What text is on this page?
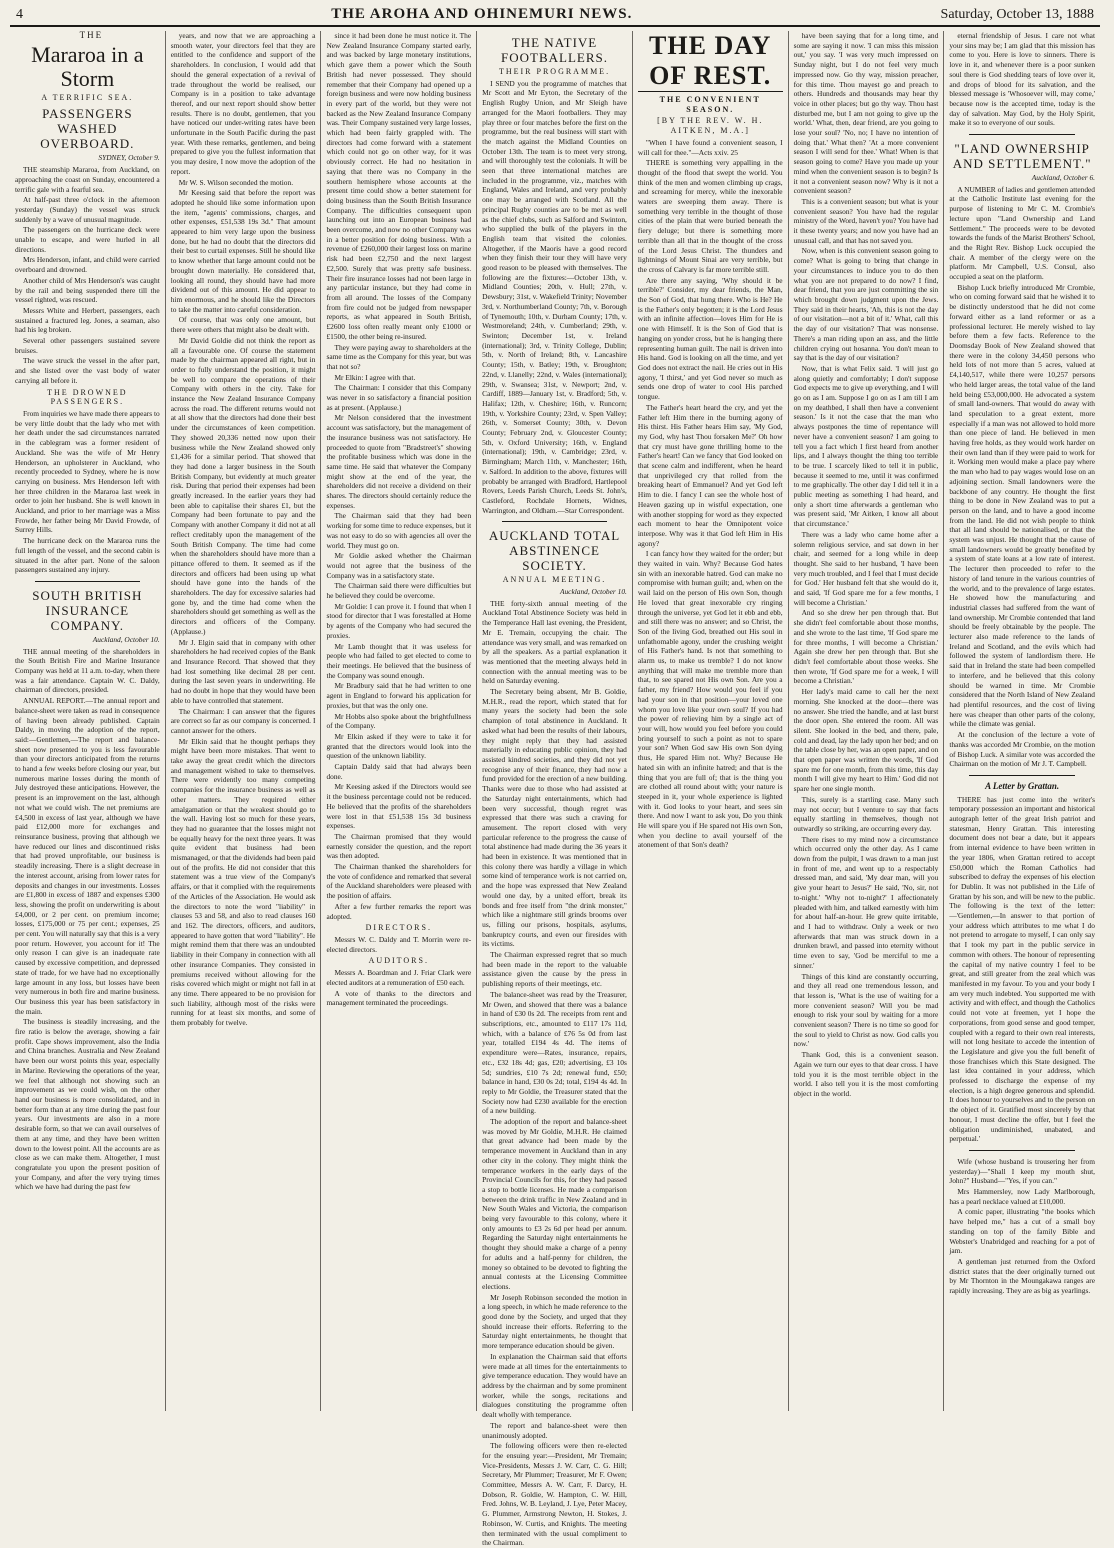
4	THE AROHA AND OHINEMURI NEWS.	Saturday, October 13, 1888

THE

Mararoa in a Storm
A TERRIFIC SEA.
PASSENGERS WASHED OVERBOARD.
SYDNEY, October 9.

THE steamship Mararoa, from Auckland, on approaching the coast on Sunday, encountered a terrific gale with a fearful sea.

At half-past three o'clock in the afternoon yesterday (Sunday) the vessel was struck suddenly by a wave of unusual magnitude.

The passengers on the hurricane deck were unable to escape, and were hurled in all directions.

Mrs Henderson, infant, and child were carried overboard and drowned.

Another child of Mrs Henderson's was caught by the rail and being suspended there till the vessel righted, was rescued.

Messrs White and Herbert, passengers, each sustained a fractured leg. Jones, a seaman, also had his leg broken.

Several other passengers sustained severe bruises.

The wave struck the vessel in the after part, and she listed over the vast body of water carrying all before it.

THE DROWNED PASSENGERS.

From inquiries we have made there appears to be very little doubt that the lady who met with her death under the sad circumstances narrated in the cablegram was a former resident of Auckland. She was the wife of Mr Henry Henderson, an upholsterer in Auckland, who recently proceeded to Sydney, where he is now carrying on business. Mrs Henderson left with her three children in the Mararoa last week in order to join her husband. She is well known in Auckland, and prior to her marriage was a Miss Frowde, her father being Mr David Frowde, of Surrey Hills.

The hurricane deck on the Mararoa runs the full length of the vessel, and the second cabin is situated in the after part. None of the saloon passengers sustained any injury.

SOUTH BRITISH INSURANCE COMPANY.
Auckland, October 10.

THE annual meeting of the shareholders in the South British Fire and Marine Insurance Company was held at 11 a.m. to-day, when there was a fair attendance. Captain W. C. Daldy, chairman of directors, presided.

ANNUAL REPORT.—The annual report and balance-sheet were taken as read in consequence of having been already published. Captain Daldy, in moving the adoption of the report, said:—Gentlemen,—The report and balance-sheet now presented to you is less favourable than your directors anticipated from the returns to hand a few weeks before closing our year, but numerous marine losses during the month of July destroyed these anticipations. However, the present is an improvement on the last, although not what we could wish. The net premiums are £4,500 in excess of last year, although we have paid £12,000 more for exchanges and reinsurance business, proving that although we have reduced our lines and discontinued risks that had proved unprofitable, our business is steadily increasing. There is a slight decrease in the interest account, arising from lower rates for deposits and changes in our investments. Losses are £1,800 in excess of 1887 and expenses £300 less, showing the profit on underwriting is about £4,000, or 2 per cent. on premium income; losses, £175,000 or 75 per cent.; expenses, 25 per cent. You will naturally say that this is a very poor return. However, you account for it! The only reason I can give is an inadequate rate caused by excessive competition, and depressed state of trade, for we have had no exceptionally large amount in any loss, but losses have been very numerous in both fire and marine business. Our business this year has been satisfactory in the main.

The business is steadily increasing, and the fire ratio is below the average, showing a fair profit. Cape shows improvement, also the India and China branches. Australia and New Zealand have been our worst points this year, especially in Marine. Reviewing the operations of the year, we feel that although not showing such an improvement as we could wish, on the other hand our business is more consolidated, and in better form than at any time during the past four years. Our investments are also in a more desirable form, so that we can avail ourselves of them at any time, and they have been written down to the lowest point. All the accounts are as close as we can make them. Altogether, I must congratulate you upon the present position of your Company, and after the very trying times which we have had during the past few

years, and now that we are approaching a smooth water, your directors feel that they are entitled to the confidence and support of the shareholders. In conclusion, I would add that should the general expectation of a revival of trade throughout the world be realised, our Company is in a position to take advantage thereof, and our next report should show better results. There is no doubt, gentlemen, that you have noticed our under-writing rates have been unfortunate in the South Pacific during the past year. With these remarks, gentlemen, and being prepared to give you the fullest information that you may desire, I now move the adoption of the report.

Mr W. S. Wilson seconded the motion.

Mr Keesing said that before the report was adopted he should like some information upon the item, "agents' commissions, charges, and other expenses, £51,538 19s 3d." That amount appeared to him very large upon the business done, but he had no doubt that the directors did their best to curtail expenses. Still he should like to know whether that large amount could not be brought down materially. He considered that, looking all round, they should have had more dividend out of this amount. He did appear to him enormous, and he should like the Directors to take the matter into careful consideration.

Of course, that was only one amount, but there were others that might also be dealt with.

Mr David Goldie did not think the report as all a favourable one. Of course the statement made by the chairman appeared all right, but in order to fully understand the position, it might be well to compare the operations of their Company with others in the city. Take for instance the New Zealand Insurance Company across the road. The different returns would not at all show that the directors had done their best under the circumstances of keen competition. They showed 20,336 netted now upon their business while the New Zealand showed only £1,436 for a similar period. That showed that they had done a larger business in the South British Company, but evidently at much greater risk. During that period their expenses had been greatly increased. In the earlier years they had been able to capitalise their shares £1, but the Company had been fortunate to pay and the Company with another Company it did not at all reflect creditably upon the management of the South British Company. The time had come when the shareholders should have more than a pittance offered to them. It seemed as if the directors and officers had been using up what should have gone into the hands of the shareholders. The day for excessive salaries had gone by, and the time had come when the shareholders should get something as well as the directors and officers of the Company. (Applause.)

Mr J. Elgin said that in company with other shareholders he had received copies of the Bank and Insurance Record. That showed that they had lost something like decimal 28 per cent. during the last seven years in underwriting. He had no doubt in hope that they would have been able to have controlled that statement.

The Chairman: I can answer that the figures are correct so far as our company is concerned. I cannot answer for the others.

Mr Elkin said that he thought perhaps they might have been more mistakes. That went to take away the great credit which the directors and management wished to take to themselves. There were evidently too many competing companies for the insurance business as well as other matters. They required either amalgamation or that the weakest should go to the wall. Having lost so much for these years, they had no guarantee that the losses might not be equally heavy for the next three years. It was quite evident that business had been mismanaged, or that the dividends had been paid out of the profits. He did not consider that this statement was a true view of the Company's affairs, or that it complied with the requirements of the Articles of the Association. He would ask the directors to note the word "liability" in clauses 53 and 58, and also to read clauses 160 and 162. The directors, officers, and auditors, appeared to have gotten that word "liability". He might remind them that there was an undoubted liability in their Company in connection with all other insurance Companies. They consisted in premiums received without allowing for the risks covered which might or might not fall in at any time. There appeared to be no provision for such liability, although most of the risks were running for at least six months, and some of them probably for twelve.

since it had been done he must notice it. The New Zealand Insurance Company started early, and was backed by large monetary institutions, which gave them a power which the South British had never possessed. They should remember that their Company had opened up a foreign business and were now holding business in every part of the world, but they were not backed as the New Zealand Insurance Company was. Their Company sustained very large losses, which had been fairly grappled with. The directors had come forward with a statement which could not go on other way, for it was obviously correct. He had no hesitation in saying that there was no Company in the southern hemisphere whose accounts at the present time could show a better statement for doing business than the South British Insurance Company. The difficulties consequent upon launching out into an European business had been overcome, and now no other Company was in a better position for doing business. With a revenue of £260,000 their largest loss on marine risk had been £2,750 and the next largest £2,500. Surely that was pretty safe business. Their fire insurance losses had not been large in any particular instance, but they had come in from all around. The losses of the Company from fire could not be judged from newspaper reports, as what appeared in South British, £2600 loss often really meant only £1000 or £1500, the other being re-insured.

They were paying away to shareholders at the same time as the Company for this year, but was that not so?

Mr Elkin: I agree with that.

The Chairman: I consider that this Company was never in so satisfactory a financial position as at present. (Applause.)

Mr Nelson considered that the investment account was satisfactory, but the management of the insurance business was not satisfactory. He proceeded to quote from "Bradstreet's" showing the profitable business which was done in the same time. He said that whatever the Company might show at the end of the year, the shareholders did not receive a dividend on their shares. The directors should certainly reduce the expenses.

The Chairman said that they had been working for some time to reduce expenses, but it was not easy to do so with agencies all over the world. They must go on.

Mr Goldie asked whether the Chairman would not agree that the business of the Company was in a satisfactory state.

The Chairman said there were difficulties but he believed they could be overcome.

Mr Goldie: I can prove it. I found that when I stood for director that I was forestalled at Home by agents of the Company who had secured the proxies.

Mr Lamb thought that it was useless for people who had failed to get elected to come to their meetings. He believed that the business of the Company was sound enough.

Mr Bradbury said that he had written to one agent in England to forward his application for proxies, but that was the only one.

Mr Hobbs also spoke about the brightfullness of the Company.

Mr Elkin asked if they were to take it for granted that the directors would look into the question of the unknown liability.

Captain Daldy said that had always been done.

Mr Keesing asked if the Directors would see it the business percentage could not be reduced. He believed that the profits of the shareholders were lost in that £51,538 15s 3d business expenses.

The Chairman promised that they would earnestly consider the question, and the report was then adopted.

The Chairman thanked the shareholders for the vote of confidence and remarked that several of the Auckland shareholders were pleased with the position of affairs.

After a few further remarks the report was adopted.

DIRECTORS.

Messrs W. C. Daldy and T. Morrin were re-elected directors.

AUDITORS.

Messrs A. Boardman and J. Friar Clark were elected auditors at a remuneration of £50 each.

A vote of thanks to the directors and management terminated the proceedings.

THE NATIVE FOOTBALLERS.
THEIR PROGRAMME.

I SEND you the programme of matches that Mr Scott and Mr Eyton, the Secretary of the English Rugby Union, and Mr Sleigh have arranged for the Maori footballers. They may play three or four matches before the first on the programme, but the real business will start with the match against the Midland Counties on October 13th. The team is to meet very strong, and will thoroughly test the colonials. It will be seen that three international matches are included in the programme, viz., matches with England, Wales and Ireland, and very probably one may be arranged with Scotland. All the principal Rugby counties are to be met as well as the chief clubs, such as Salford and Swinton, who supplied the bulk of the players in the English team that visited the colonies. Altogether, if the Maoris have a good record when they finish their tour they will have very good reason to be pleased with themselves. The following are the fixtures:—October 13th, v. Midland Counties; 20th, v. Hull; 27th, v. Dewsbury; 31st, v. Wakefield Trinity; November 3rd, v. Northumberland County; 7th, v. Borough of Tynemouth; 10th, v. Durham County; 17th, v. Westmoreland; 24th, v. Cumberland; 29th, v. Swinton; December 1st, v. Ireland (international); 3rd, v. Trinity College, Dublin; 5th, v. North of Ireland; 8th, v. Lancashire County; 15th, v. Batley; 19th, v. Broughton; 22nd, v. Llanelly; 22nd, v. Wales (international); 29th, v. Swansea; 31st, v. Newport; 2nd, v. Cardiff, 1889—January 1st, v. Bradford; 5th, v. Halifax; 12th, v. Cheshire; 16th, v. Runcorn; 19th, v. Yorkshire County; 23rd, v. Spen Valley; 26th, v. Somerset County; 30th, v. Devon County; February 2nd, v. Gloucester County; 5th, v. Oxford University; 16th, v. England (international); 19th, v. Cambridge; 23rd, v. Birmingham; March 11th, v. Manchester; 16th, v. Salford. In addition to the above, fixtures will probably be arranged with Bradford, Hartlepool Rovers, Leeds Parish Church, Leeds St. John's, Castleford, Rochdale Hornets, Widnes, Warrington, and Oldham.—Star Correspondent.

AUCKLAND TOTAL ABSTINENCE SOCIETY.
ANNUAL MEETING.
Auckland, October 10.

THE forty-sixth annual meeting of the Auckland Total Abstinence Society was held in the Temperance Hall last evening, the President, Mr E. Tremain, occupying the chair. The attendance was very small, and was remarked on by all the speakers. As a partial explanation it was mentioned that the meeting always held in connection with the annual meeting was to be held on Saturday evening.

The Secretary being absent, Mr B. Goldie, M.H.R., read the report, which stated that for many years the society had been the sole champion of total abstinence in Auckland. It asked what had been the results of their labours, they might reply that they had assisted materially in educating public opinion, they had assisted kindred societies, and they did not yet recognise any of their finance, they had now a fund provided for the erection of a new building. Thanks were due to those who had assisted at the Saturday night entertainments, which had been very successful, though regret was expressed that there was such a craving for amusement. The report closed with very particular reference to the progress the cause of total abstinence had made during the 36 years it had been in existence. It was mentioned that in this colony there was hardly a village in which some kind of temperance work is not carried on, and the hope was expressed that New Zealand would one day, by a united effort, break its bonds and free itself from "the drink monster," which like a nightmare still grinds brooms over us, filling our prisons, hospitals, asylums, bankruptcy courts, and even our firesides with its victims.

The Chairman expressed regret that so much had been made in the report to the valuable assistance given the cause by the press in publishing reports of their meetings, etc.

The balance-sheet was read by the Treasurer, Mr Owen, and showed that there was a balance in hand of £30 0s 2d. The receipts from rent and subscriptions, etc., amounted to £117 17s 11d, which, with a balance of £76 5s 0d from last year, totalled £194 4s 4d. The items of expenditure were—Rates, insurance, repairs, etc., £32 18s 4d; gas, £20; advertising, £3 10s 5d; sundries, £10 7s 2d; renewal fund, £50; balance in hand, £30 0s 2d; total, £194 4s 4d. In reply to Mr Goldie, the Treasurer stated that the Society now had £230 available for the erection of a new building.

The adoption of the report and balance-sheet was moved by Mr Goldie, M.H.R. He claimed that great advance had been made by the temperance movement in Auckland than in any other city in the colony. They might think the temperance workers in the early days of the Provincial Councils for this, for they had passed a stop to bottle licenses. He made a comparison between the drink traffic in New Zealand and in New South Wales and Victoria, the comparison being very favourable to this colony, where it only amounts to £3 2s 6d per head per annum. Regarding the Saturday night entertainments he thought they should make a charge of a penny for adults and a half-penny for children, the money so obtained to be devoted to fighting the annual contests at the Licensing Committee elections.

Mr Joseph Robinson seconded the motion in a long speech, in which he made reference to the good done by the Society, and urged that they should increase their efforts. Referring to the Saturday night entertainments, he thought that more temperance education should be given.

In explanation the Chairman said that efforts were made at all times for the entertainments to give temperance education. They would have an address by the chairman and by some prominent worker, while the songs, recitations and dialogues constituting the programme often dealt wholly with temperance.

The report and balance-sheet were then unanimously adopted.

The following officers were then re-elected for the ensuing year:—President, Mr Tremain; Vice-Presidents, Messrs J. W. Carr, C. G. Hill; Secretary, Mr Plummer; Treasurer, Mr F. Owen; Committee, Messrs A. W. Carr, F. Darcy, H. Dobson, R. Goldie, W. Hampton, C. W. Hill, Fred. Johns, W. B. Leyland, J. Lye, Peter Macey, G. Plummer, Armstrong Newton, H. Stokes, J. Robinson, W. Curtis, and Knights. The meeting then terminated with the usual compliment to the Chairman.

THE DAY OF REST.
THE CONVENIENT SEASON.
[BY THE REV. W. H. AITKEN, M.A.]

"When I have found a convenient season, I will call for thee."—Acts xxiv. 25

THERE is something very appalling in the thought of the flood that swept the world. You think of the men and women climbing up crags, and screaming for mercy, while the inexorable waters are sweeping them away. There is something very terrible in the thought of those cities of the plain that were buried beneath the fiery deluge; but there is something more terrible than all that in the thought of the cross of the Lord Jesus Christ. The thunders and lightnings of Mount Sinai are very terrible, but the cross of Calvary is far more terrible still.

Are there any saying, 'Why should it be terrible?' Consider, my dear friends, the Man, the Son of God, that hung there. Who is He? He is the Father's only begotten; it is the Lord Jesus with an infinite affection—loves Him for He is one with Himself. It is the Son of God that is hanging on yonder cross, but he is hanging there representing human guilt. The nail is driven into His hand. God is looking on all the time, and yet God does not extract the nail. He cries out in His agony, 'I thirst,' and yet God never so much as sends one drop of water to cool His parched tongue.

The Father's heart heard the cry, and yet the Father left Him there in the burning agony of His thirst. His Father hears Him say, 'My God, my God, why hast Thou forsaken Me?' Oh how that cry must have gone thrilling home to the Father's heart! Can we fancy that God looked on that scene calm and indifferent, when he heard that unprivileged cry that rolled from the breaking heart of Emmanuel? And yet God left Him to die. I fancy I can see the whole host of Heaven gazing up in wistful expectation, one with another stopping for word as they expected each moment to hear the Omnipotent voice interpose. Why was it that God left Him in His agony?

I can fancy how they waited for the order; but they waited in vain. Why? Because God hates sin with an inexorable hatred. God can make no compromise with human guilt; and, when on the wail laid on the person of His own Son, though He loved that great inexorable cry ringing through the universe, yet God let it ebb and ebb, and still there was no answer; and so Christ, the Son of the living God, breathed out His soul in unfathomable agony, under the crushing weight of His Father's hand. Is not that something to alarm us, to make us tremble? I do not know anything that will make me tremble more than that, to see spared not His own Son. Are you a father, my friend? How would you feel if you had your son in that position—your loved one whom you love like your own soul? If you had the power of relieving him by a single act of your will, how would you feel before you could bring yourself to such a point as not to spare your son? When God saw His own Son dying thus, He spared Him not. Why? Because He hated sin with an infinite hatred; and that is the thing that you are full of; that is the thing you are clothed all round about with; your nature is steeped in it, your whole experience is lighted with it. God looks to your heart, and sees sin there. And now I want to ask you, Do you think He will spare you if He spared not His own Son, when you decline to avail yourself of the atonement of that Son's death?

have been saying that for a long time, and some are saying it now. 'I can miss this mission out,' you say. 'I was very much impressed on Sunday night, but I do not feel very much impressed now. Go thy way, mission preacher, for this time. Thou mayest go and preach to others. Hundreds and thousands may hear thy voice in other places; but go thy way. Thou hast disturbed me, but I am not going to give up the world.' What, then, dear friend, are you going to lose your soul? 'No, no; I have no intention of doing that.' What then? 'At a more convenient season I will send for thee.' What! When is that season going to come? Have you made up your mind when the convenient season is to begin? Is it not a convenient season now? Why is it not a convenient season?

This is a convenient season; but what is your convenient season? You have had the regular ministry of the Word, haven't you? You have had it these twenty years; and now you have had an unusual call, and that has not saved you.

Now, when is this convenient season going to come? What is going to bring that change in your circumstances to induce you to do then what you are not prepared to do now? I find, dear friend, that you are just committing the sin which brought down judgment upon the Jews. They said in their hearts, 'Ah, this is not the day of our visitation—not a bit of it.' What, call this the day of our visitation? That was nonsense. There's a man riding upon an ass, and the little children crying out hosanna. You don't mean to say that is the day of our visitation?

Now, that is what Felix said. 'I will just go along quietly and comfortably; I don't suppose God expects me to give up everything, and I will go on as I am. Suppose I go on as I am till I am on my deathbed, I shall then have a convenient season.' Is it not the case that the man who always postpones the time of repentance will never have a convenient season? I am going to tell you a fact which I first heard from another lips, and I always thought the thing too terrible to be true. I scarcely liked to tell it in public, because it seemed to me, until it was confirmed to me graphically. The other day I did tell it in a public meeting as something I had heard, and only a short time afterwards a gentleman who was present said, 'Mr Aitken, I know all about that circumstance.'

There was a lady who came home after a solemn religious service, and sat down in her chair, and seemed for a long while in deep thought. She said to her husband, 'I have been very much troubled, and I feel that I must decide for God.' Her husband felt that she would do it, and said, 'If God spare me for a few months, I will become a Christian.'

And so she drew her pen through that. But she didn't feel comfortable about those months, and she wrote to the last time, 'If God spare me for three months, I will become a Christian.' Again she drew her pen through that. But she didn't feel comfortable about those weeks. She then wrote, 'If God spare me for a week, I will become a Christian.'

Her lady's maid came to call her the next morning. She knocked at the door—there was no answer. She tried the handle, and at last burst the door open. She entered the room. All was silent. She looked in the bed, and there, pale, cold and dead, lay the lady upon her bed; and on the table close by her, was an open paper, and on that open paper was written the words, 'If God spare me for one month, from this time, this day month I will give my heart to Him.' God did not spare her one single month.

This, surely is a startling case. Many such may not occur; but I venture to say that facts equally startling in themselves, though not outwardly so striking, are occurring every day.

There rises to my mind now a circumstance which occurred only the other day. As I came down from the pulpit, I was drawn to a man just in front of me, and went up to a respectably dressed man, and said, 'My dear man, will you give your heart to Jesus?' He said, 'No, sir, not to-night.' 'Why not to-night?' I affectionately pleaded with him, and talked earnestly with him for about half-an-hour. He grew quite irritable, and I had to withdraw. Only a week or two afterwards that man was struck down in a drunken brawl, and passed into eternity without time even to say, 'God be merciful to me a sinner.'

Things of this kind are constantly occurring, and they all read one tremendous lesson, and that lesson is, 'What is the use of waiting for a more convenient season? Will you be mad enough to risk your soul by waiting for a more convenient season? There is no time so good for the soul to yield to Christ as now. God calls you now.'

Thank God, this is a convenient season. Again we turn our eyes to that dear cross. I have told you it is the most terrible object in the world. I also tell you it is the most comforting object in the world.

eternal friendship of Jesus. I care not what your sins may be; I am glad that this mission has come to you. Here is love to sinners. There is love in it, and whenever there is a poor sunken soul there is God shedding tears of love over it, and drops of blood for its salvation, and the blessed message is 'Whosoever will, may come,' because now is the accepted time, today is the day of salvation. May God, by the Holy Spirit, make it so to everyone of our souls.

"LAND OWNERSHIP AND SETTLEMENT."
Auckland, October 6.

A NUMBER of ladies and gentlemen attended at the Catholic Institute last evening for the purpose of listening to Mr C. M. Crombie's lecture upon "Land Ownership and Land Settlement." The proceeds were to be devoted towards the funds of the Marist Brothers' School, and the Right Rev. Bishop Luck occupied the chair. A member of the clergy were on the platform. Mr Campbell, U.S. Consul, also occupied a seat on the platform.

Bishop Luck briefly introduced Mr Crombie, who on coming forward said that he wished it to be distinctly understood that he did not come forward either as a land reformer or as a professional lecturer. He merely wished to lay before them a few facts. Reference to the Doomsday Book of New Zealand showed that there were in the colony 34,450 persons who held lots of not more than 5 acres, valued at £4,140,517, while there were 10,257 persons who held larger areas, the total value of the land held being £53,000,000. He advocated a system of small land-owners. That would do away with land speculation to a great extent, more especially if a man was not allowed to hold more than one piece of land. He believed in men having free holds, as they would work harder on their own land than if they were paid to work for it. Working men would make a place pay where the man who had to pay wages would lose on an adjoining section. Small landowners were the backbone of any country. He thought the first thing to be done in New Zealand was to put a person on the land, and to have a good income from the land. He did not wish people to think that all land should be nationalised, or that the system was unjust. He thought that the cause of small landowners would be greatly benefited by a system of state loans at a low rate of interest. The lecturer then proceeded to refer to the history of land tenure in the various countries of the world, and to the prevalence of large estates. He showed how the manufacturing and industrial classes had suffered from the want of land ownership. Mr Crombie contended that land should be freely obtainable by the people. The lecturer also made reference to the lands of Ireland and Scotland, and the evils which had followed the system of landlordism there. He said that in Ireland the state had been compelled to interfere, and he believed that this colony should be warned in time. Mr Crombie considered that the North Island of New Zealand had plentiful resources, and the cost of living here was cheaper than other parts of the colony, while the climate was genial.

At the conclusion of the lecture a vote of thanks was accorded Mr Crombie, on the motion of Bishop Luck. A similar vote was accorded the Chairman on the motion of Mr J. T. Campbell.

A Letter by Grattan.

THERE has just come into the writer's temporary possession an important and historical autograph letter of the great Irish patriot and statesman, Henry Grattan. This interesting document does not bear a date, but it appears from internal evidence to have been written in the year 1806, when Grattan retired to accept £50,000 which the Roman Catholics had subscribed to defray the expenses of his election for Dublin. It was not published in the Life of Grattan by his son, and will be new to the public. The following is the text of the letter:—'Gentlemen,—In answer to that portion of your address which attributes to me what I do not pretend to arrogate to myself, I can only say that I took my part in the public service in common with others. The honour of representing the capital of my native country I feel to be great, and still greater from the zeal which was manifested in my favour. To you and your body I am very much indebted. You supported me with activity and with effect, and though the Catholics could not vote at freemen, yet I hope the corporations, from good sense and good temper, coupled with a regard to their own real interests, will not long hesitate to accede the intention of the Legislature and give you the full benefit of those franchises which this State designed. The last idea contained in your address, which professed to discharge the expense of my election, is a high degree generous and splendid. It does honour to yourselves and to the person on the object of it. Gratified most sincerely by that honour, I must decline the offer, but I feel the obligation undiminished, unabated, and perpetual.'

Wife (whose husband is trousering her from yesterday)—"Shall I keep my mouth shut, John?" Husband—"Yes, if you can."

Mrs Hammersley, now Lady Marlborough, has a pearl necklace valued at £10,000.

A comic paper, illustrating "the books which have helped me," has a cut of a small boy standing on top of the family Bible and Webster's Unabridged and reaching for a pot of jam.

A gentleman just returned from the Oxford district states that the deer originally turned out by Mr Thornton in the Moungakawa ranges are rapidly increasing. They are as big as yearlings.
